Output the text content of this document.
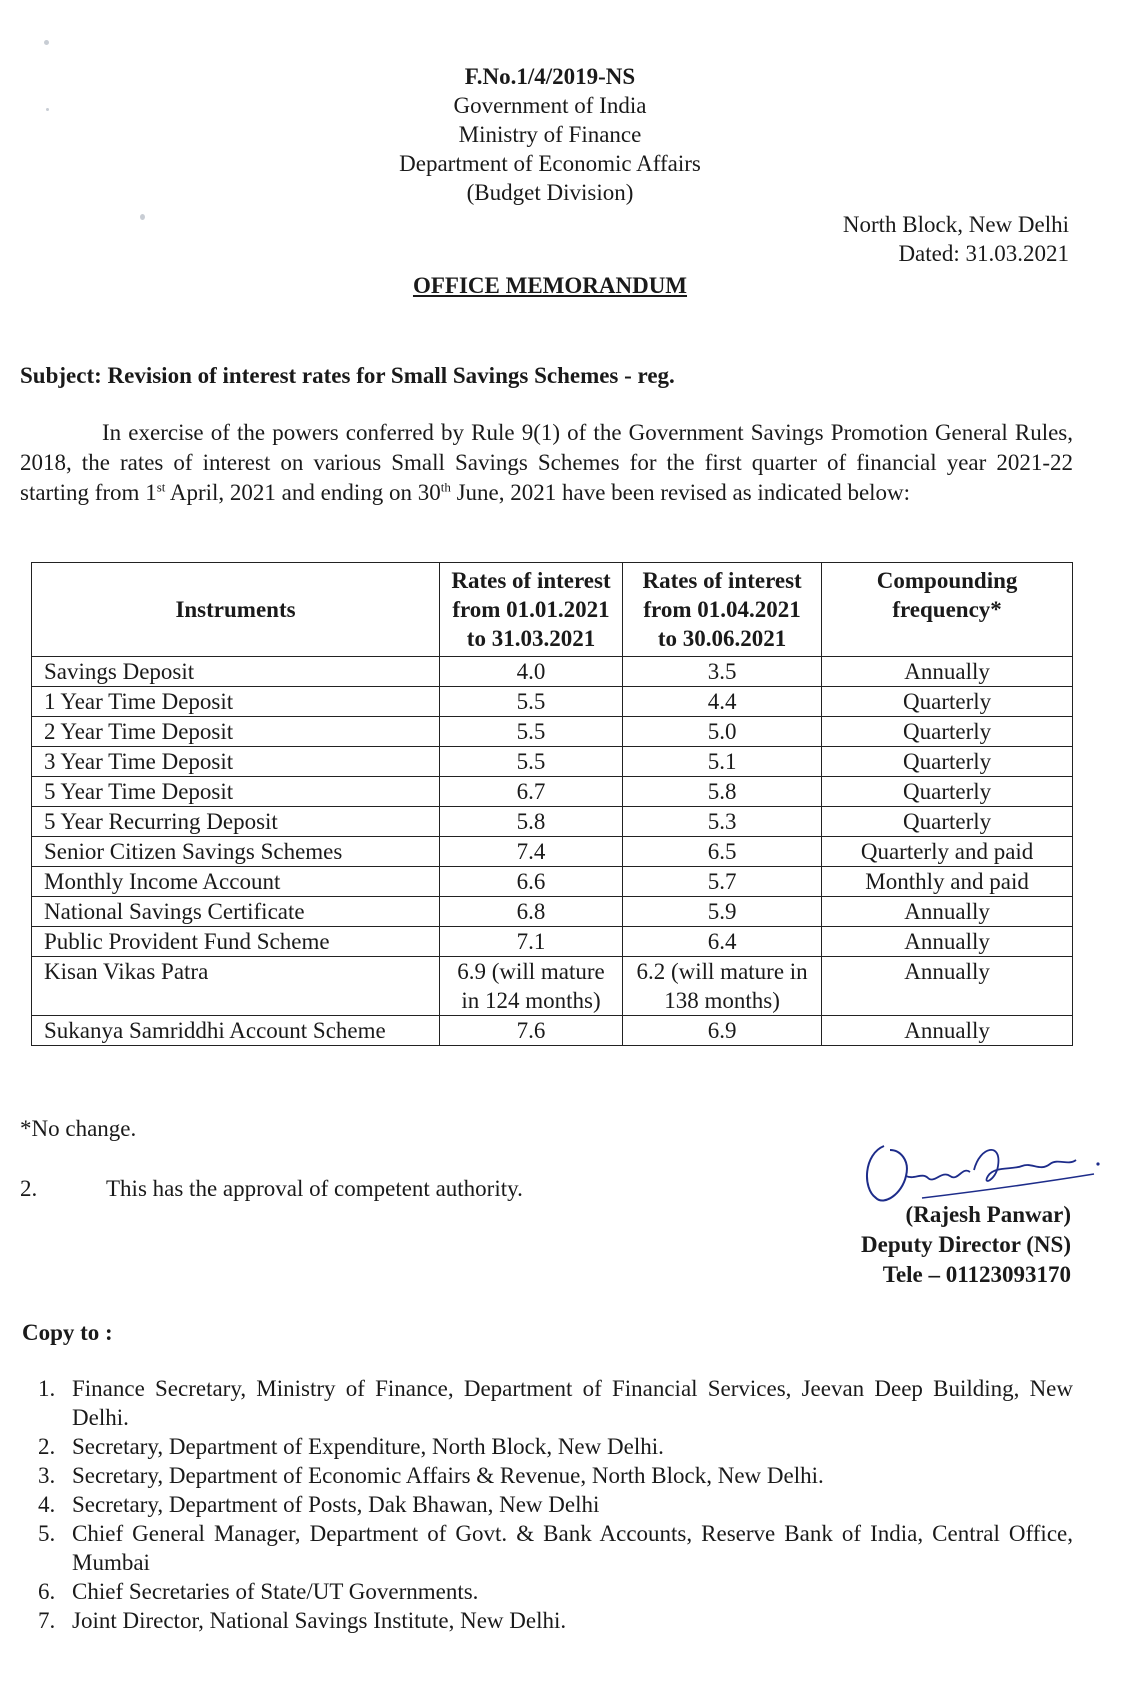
F.No.1/4/2019-NS
Government of India
Ministry of Finance
Department of Economic Affairs
(Budget Division)
North Block, New Delhi
Dated: 31.03.2021
OFFICE MEMORANDUM
Subject: Revision of interest rates for Small Savings Schemes - reg.
In exercise of the powers conferred by Rule 9(1) of the Government Savings Promotion General Rules, 2018, the rates of interest on various Small Savings Schemes for the first quarter of financial year 2021-22 starting from 1st April, 2021 and ending on 30th June, 2021 have been revised as indicated below:
Instruments	Rates of interest from 01.01.2021 to 31.03.2021	Rates of interest from 01.04.2021 to 30.06.2021	Compounding frequency*
Savings Deposit	4.0	3.5	Annually
1 Year Time Deposit	5.5	4.4	Quarterly
2 Year Time Deposit	5.5	5.0	Quarterly
3 Year Time Deposit	5.5	5.1	Quarterly
5 Year Time Deposit	6.7	5.8	Quarterly
5 Year Recurring Deposit	5.8	5.3	Quarterly
Senior Citizen Savings Schemes	7.4	6.5	Quarterly and paid
Monthly Income Account	6.6	5.7	Monthly and paid
National Savings Certificate	6.8	5.9	Annually
Public Provident Fund Scheme	7.1	6.4	Annually
Kisan Vikas Patra	6.9 (will mature in 124 months)	6.2 (will mature in 138 months)	Annually
Sukanya Samriddhi Account Scheme	7.6	6.9	Annually
*No change.
2.	This has the approval of competent authority.
(Rajesh Panwar)
Deputy Director (NS)
Tele – 01123093170
Copy to :
1. Finance Secretary, Ministry of Finance, Department of Financial Services, Jeevan Deep Building, New Delhi.
2. Secretary, Department of Expenditure, North Block, New Delhi.
3. Secretary, Department of Economic Affairs & Revenue, North Block, New Delhi.
4. Secretary, Department of Posts, Dak Bhawan, New Delhi
5. Chief General Manager, Department of Govt. & Bank Accounts, Reserve Bank of India, Central Office, Mumbai
6. Chief Secretaries of State/UT Governments.
7. Joint Director, National Savings Institute, New Delhi.
